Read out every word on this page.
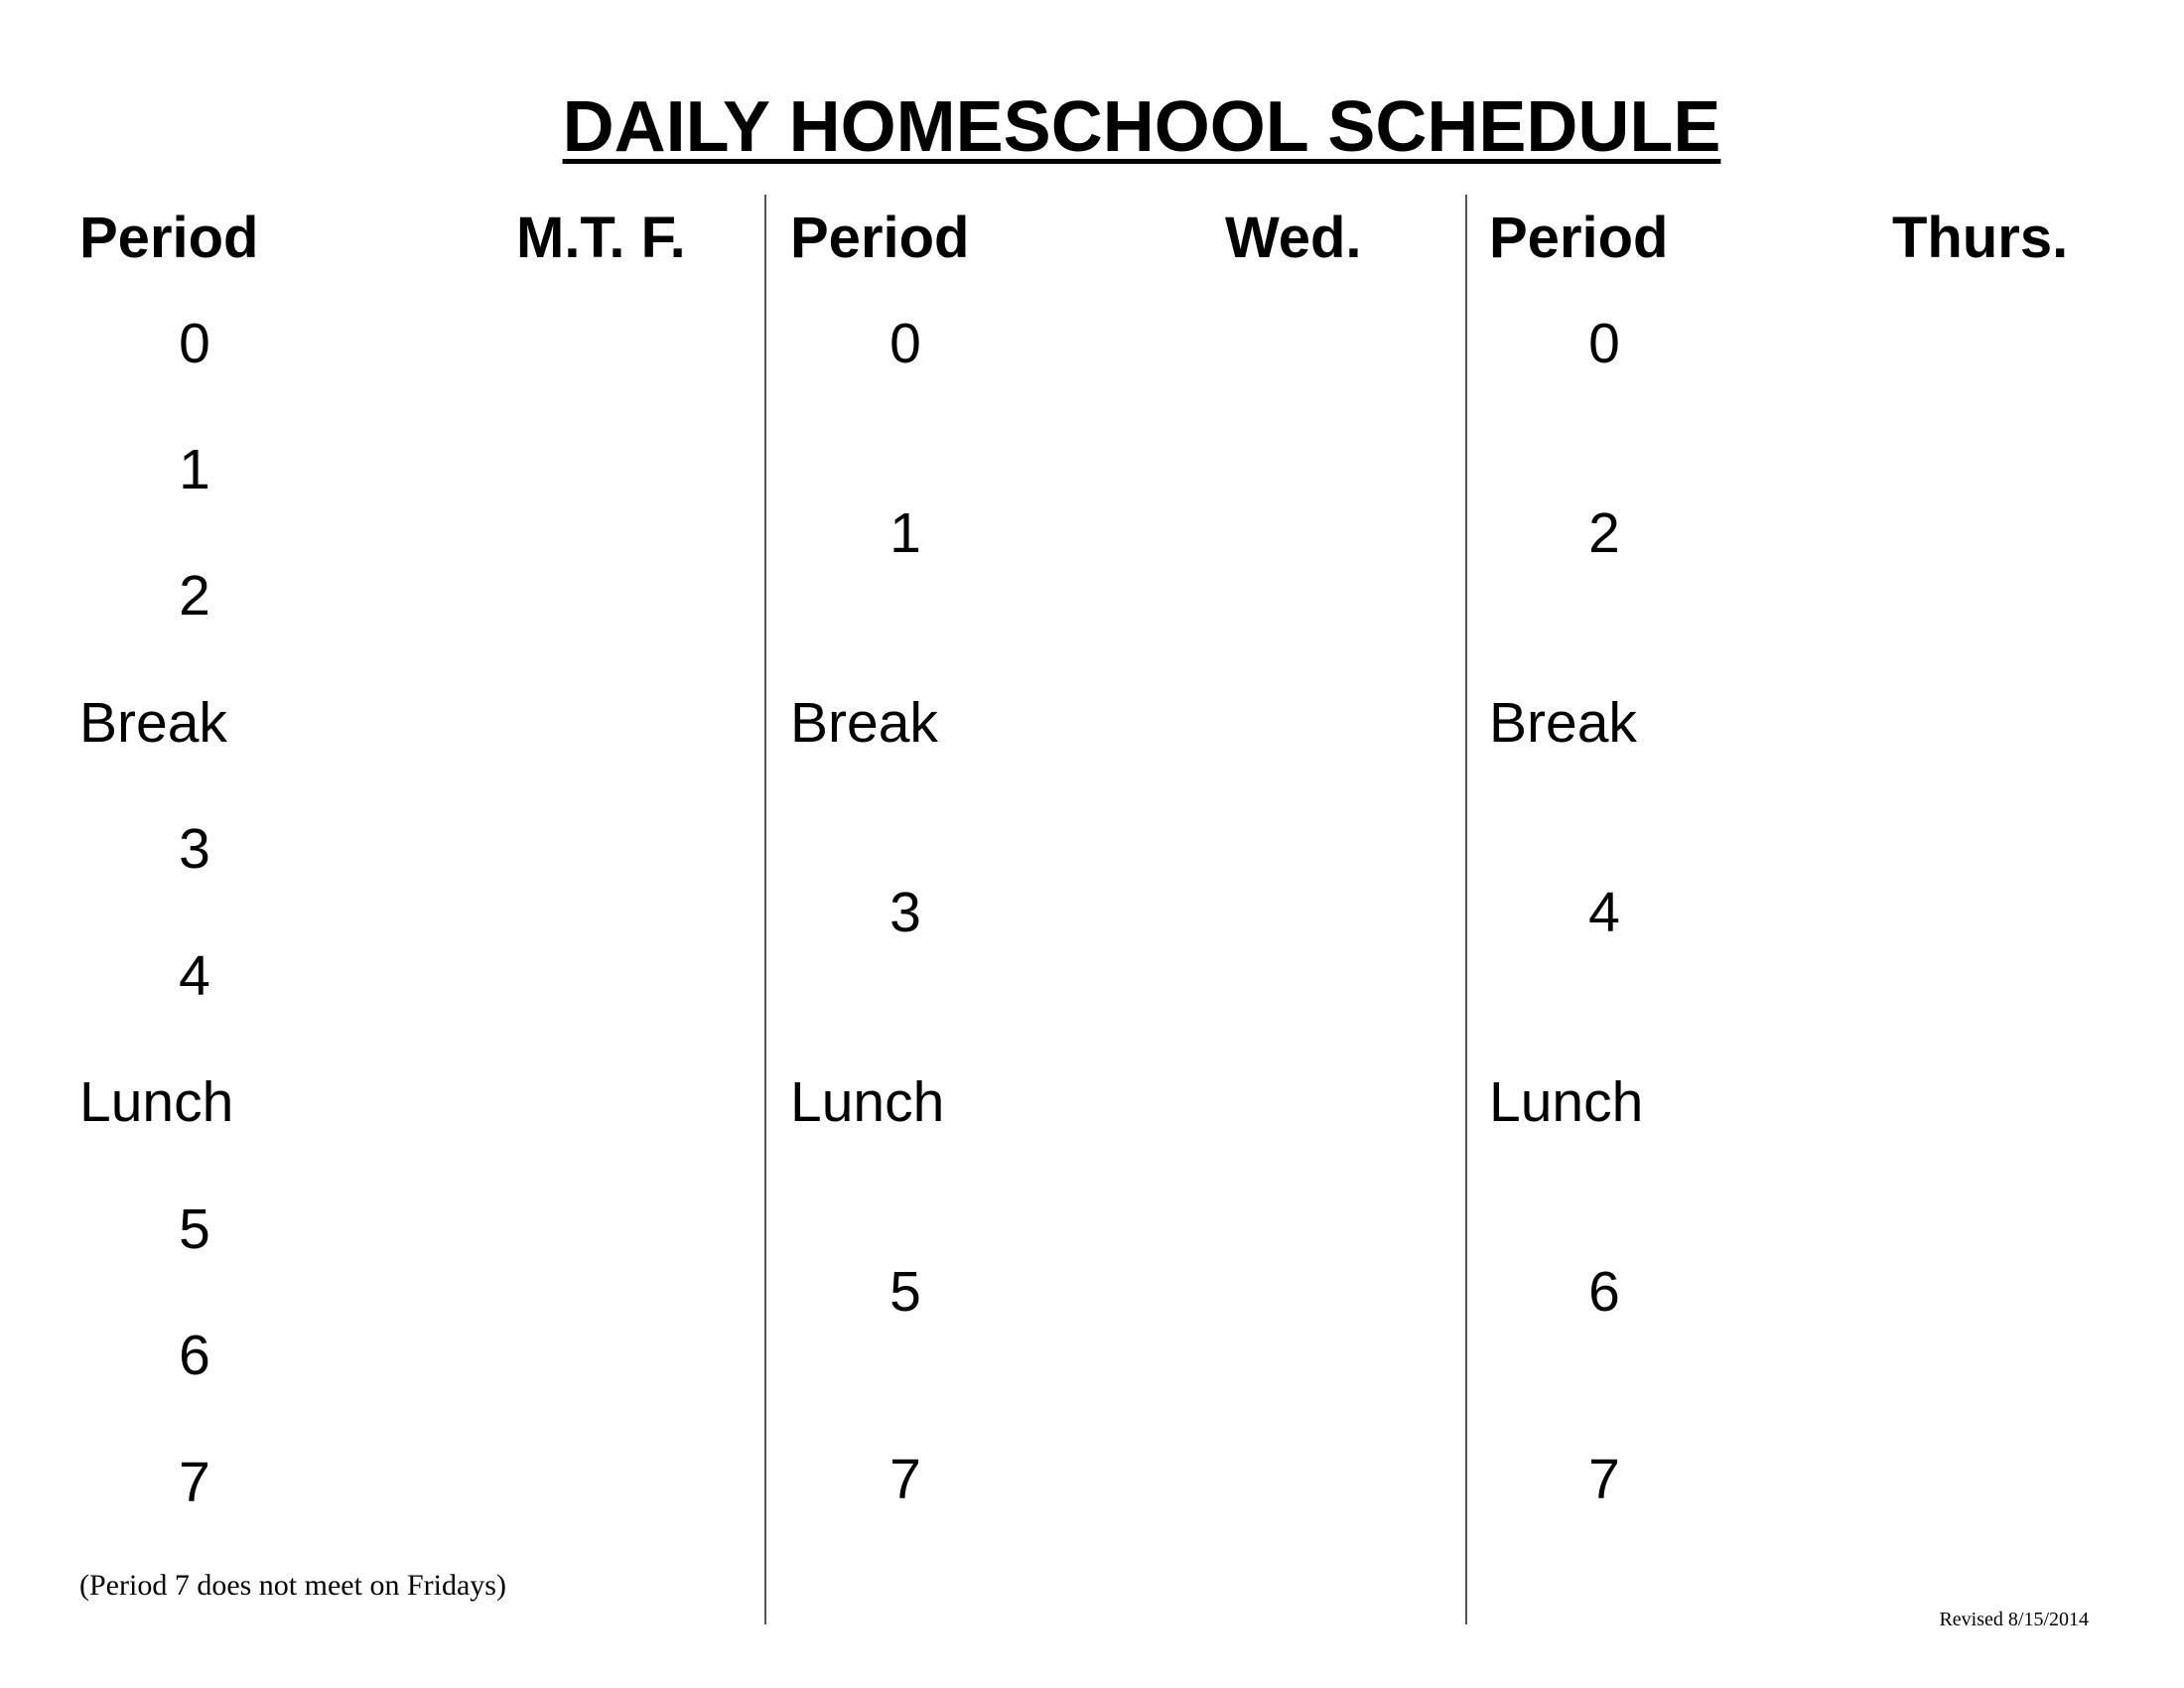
DAILY HOMESCHOOL SCHEDULE
Period	M.T. F.
0
1
2
Break
3
4
Lunch
5
6
7
Period	Wed.
0
1
Break
3
Lunch
5
7
Period	Thurs.
0
2
Break
4
Lunch
6
7
(Period 7 does not meet on Fridays)
Revised 8/15/2014
